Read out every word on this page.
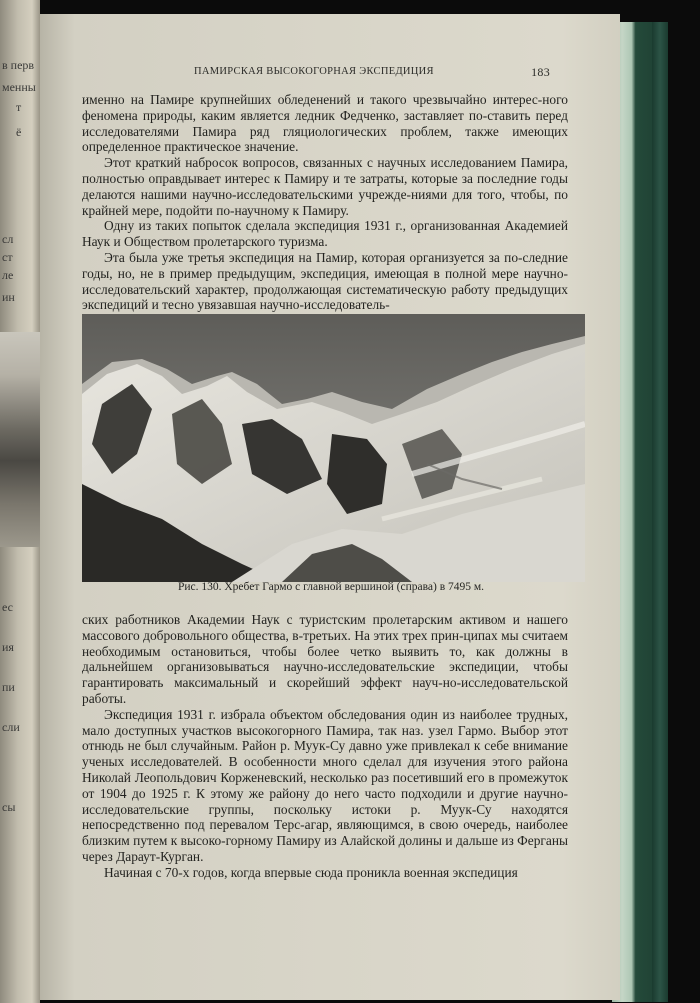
в перв
менны
т
ё
сл
ст
ле
ин
ес
ия
пи
сли
сы
ПАМИРСКАЯ ВЫСОКОГОРНАЯ ЭКСПЕДИЦИЯ	183

именно на Памире крупнейших обледенений и такого чрезвычайно интерес-ного феномена природы, каким является ледник Федченко, заставляет по-ставить перед исследователями Памира ряд гляциологических проблем, также имеющих определенное практическое значение.

Этот краткий набросок вопросов, связанных с научных исследованием Памира, полностью оправдывает интерес к Памиру и те затраты, которые за последние годы делаются нашими научно-исследовательскими учрежде-ниями для того, чтобы, по крайней мере, подойти по-научному к Памиру.

Одну из таких попыток сделала экспедиция 1931 г., организованная Академией Наук и Обществом пролетарского туризма.

Эта была уже третья экспедиция на Памир, которая организуется за по-следние годы, но, не в пример предыдущим, экспедиция, имеющая в полной мере научно-исследовательский характер, продолжающая систематическую работу предыдущих экспедиций и тесно увязавшая научно-исследователь-

Рис. 130. Хребет Гармо с главной вершиной (справа) в 7495 м.

ских работников Академии Наук с туристским пролетарским активом и нашего массового добровольного общества, в-третьих. На этих трех прин-ципах мы считаем необходимым остановиться, чтобы более четко выявить то, как должны в дальнейшем организовываться научно-исследовательские экспедиции, чтобы гарантировать максимальный и скорейший эффект науч-но-исследовательской работы.

Экспедиция 1931 г. избрала объектом обследования один из наиболее трудных, мало доступных участков высокогорного Памира, так наз. узел Гармо. Выбор этот отнюдь не был случайным. Район р. Муук-Су давно уже привлекал к себе внимание ученых исследователей. В особенности много сделал для изучения этого района Николай Леопольдович Корженевский, несколько раз посетивший его в промежуток от 1904 до 1925 г. К этому же району до него часто подходили и другие научно-исследовательские группы, поскольку истоки р. Муук-Су находятся непосредственно под перевалом Терс-агар, являющимся, в свою очередь, наиболее близким путем к высоко-горному Памиру из Алайской долины и дальше из Ферганы через Дараут-Курган.

Начиная с 70-х годов, когда впервые сюда проникла военная экспедиция
